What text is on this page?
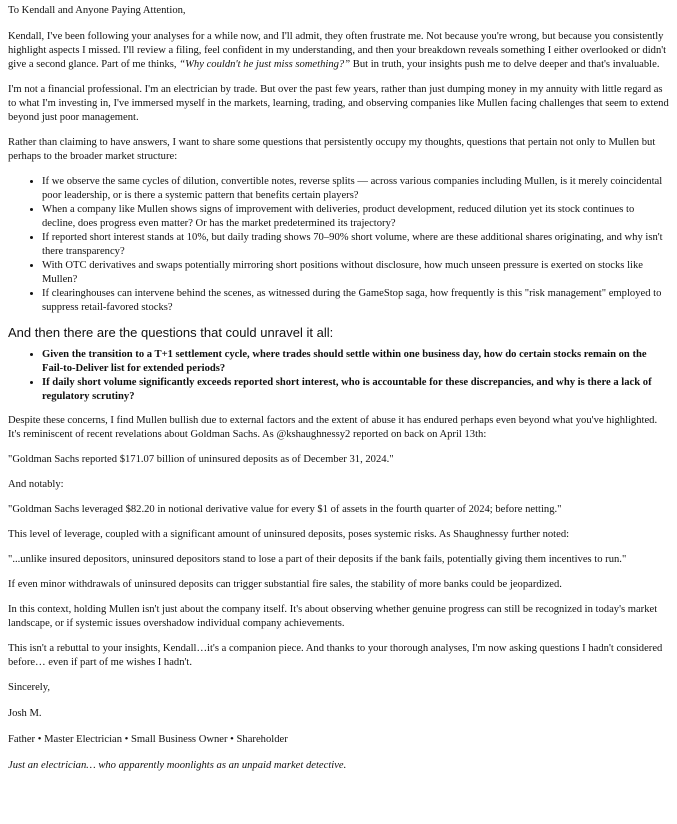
To Kendall and Anyone Paying Attention,

Kendall, I've been following your analyses for a while now, and I'll admit, they often frustrate me. Not because you're wrong, but because you consistently highlight aspects I missed. I'll review a filing, feel confident in my understanding, and then your breakdown reveals something I either overlooked or didn't give a second glance. Part of me thinks, “Why couldn't he just miss something?” But in truth, your insights push me to delve deeper and that's invaluable.

I'm not a financial professional. I'm an electrician by trade. But over the past few years, rather than just dumping money in my annuity with little regard as to what I'm investing in, I've immersed myself in the markets, learning, trading, and observing companies like Mullen facing challenges that seem to extend beyond just poor management.

Rather than claiming to have answers, I want to share some questions that persistently occupy my thoughts, questions that pertain not only to Mullen but perhaps to the broader market structure:

• If we observe the same cycles of dilution, convertible notes, reverse splits — across various companies including Mullen, is it merely coincidental poor leadership, or is there a systemic pattern that benefits certain players?
• When a company like Mullen shows signs of improvement with deliveries, product development, reduced dilution yet its stock continues to decline, does progress even matter? Or has the market predetermined its trajectory?
• If reported short interest stands at 10%, but daily trading shows 70–90% short volume, where are these additional shares originating, and why isn't there transparency?
• With OTC derivatives and swaps potentially mirroring short positions without disclosure, how much unseen pressure is exerted on stocks like Mullen?
• If clearinghouses can intervene behind the scenes, as witnessed during the GameStop saga, how frequently is this "risk management" employed to suppress retail-favored stocks?

And then there are the questions that could unravel it all:

• Given the transition to a T+1 settlement cycle, where trades should settle within one business day, how do certain stocks remain on the Fail-to-Deliver list for extended periods?
• If daily short volume significantly exceeds reported short interest, who is accountable for these discrepancies, and why is there a lack of regulatory scrutiny?

Despite these concerns, I find Mullen bullish due to external factors and the extent of abuse it has endured perhaps even beyond what you've highlighted. It's reminiscent of recent revelations about Goldman Sachs. As @kshaughnessy2 reported on back on April 13th:

"Goldman Sachs reported $171.07 billion of uninsured deposits as of December 31, 2024."

And notably:

"Goldman Sachs leveraged $82.20 in notional derivative value for every $1 of assets in the fourth quarter of 2024; before netting."

This level of leverage, coupled with a significant amount of uninsured deposits, poses systemic risks. As Shaughnessy further noted:

"...unlike insured depositors, uninsured depositors stand to lose a part of their deposits if the bank fails, potentially giving them incentives to run."

If even minor withdrawals of uninsured deposits can trigger substantial fire sales, the stability of more banks could be jeopardized.

In this context, holding Mullen isn't just about the company itself. It's about observing whether genuine progress can still be recognized in today's market landscape, or if systemic issues overshadow individual company achievements.

This isn't a rebuttal to your insights, Kendall…it's a companion piece. And thanks to your thorough analyses, I'm now asking questions I hadn't considered before… even if part of me wishes I hadn't.

Sincerely,

Josh M.

Father • Master Electrician • Small Business Owner • Shareholder

Just an electrician… who apparently moonlights as an unpaid market detective.
